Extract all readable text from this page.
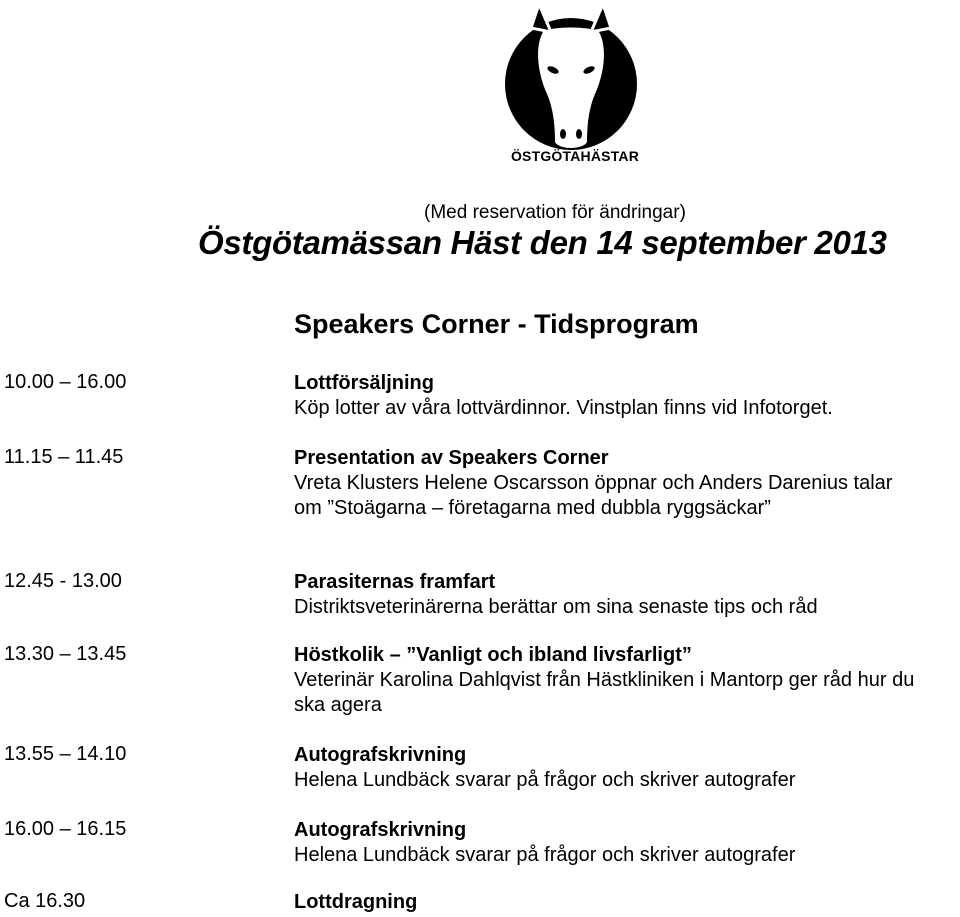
ÖSTGÖTAHÄSTAR
(Med reservation för ändringar)
Östgötamässan Häst den 14 september 2013
Speakers Corner - Tidsprogram
10.00 – 16.00	Lottförsäljning
Köp lotter av våra lottvärdinnor. Vinstplan finns vid Infotorget.
11.15 – 11.45	Presentation av Speakers Corner
Vreta Klusters Helene Oscarsson öppnar och Anders Darenius talar om ”Stoägarna – företagarna med dubbla ryggsäckar”
12.45 - 13.00	Parasiternas framfart
Distriktsveterinärerna berättar om sina senaste tips och råd
13.30 – 13.45	Höstkolik – ”Vanligt och ibland livsfarligt”
Veterinär Karolina Dahlqvist från Hästkliniken i Mantorp ger råd hur du ska agera
13.55 – 14.10	Autografskrivning
Helena Lundbäck svarar på frågor och skriver autografer
16.00 – 16.15	Autografskrivning
Helena Lundbäck svarar på frågor och skriver autografer
Ca 16.30	Lottdragning
